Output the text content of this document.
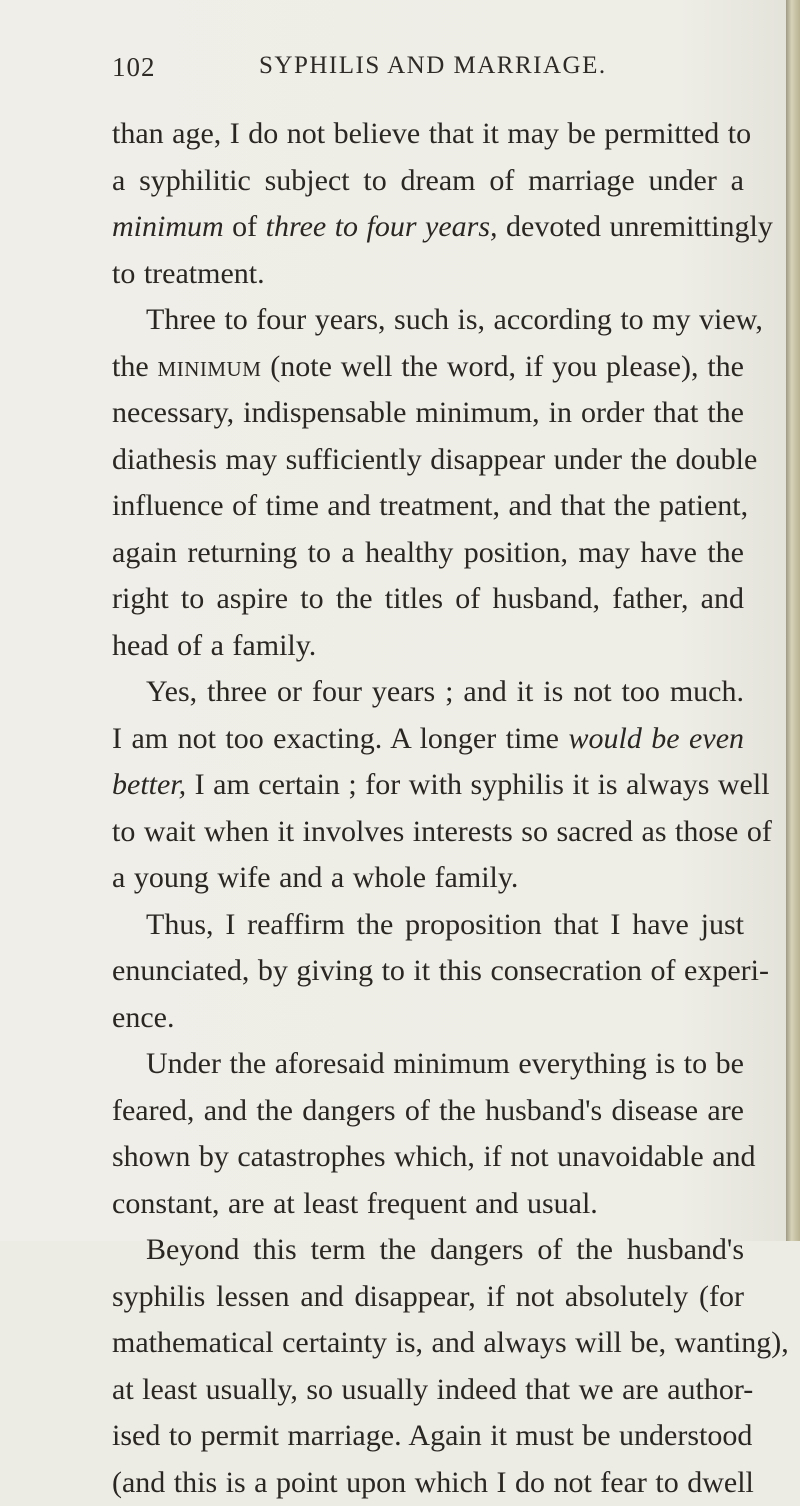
102	SYPHILIS AND MARRIAGE.
than age, I do not believe that it may be permitted to
a syphilitic subject to dream of marriage under a
minimum of three to four years, devoted unremittingly
to treatment.
Three to four years, such is, according to my view,
the minimum (note well the word, if you please), the
necessary, indispensable minimum, in order that the
diathesis may sufficiently disappear under the double
influence of time and treatment, and that the patient,
again returning to a healthy position, may have the
right to aspire to the titles of husband, father, and
head of a family.
Yes, three or four years ; and it is not too much.
I am not too exacting. A longer time would be even
better, I am certain ; for with syphilis it is always well
to wait when it involves interests so sacred as those of
a young wife and a whole family.
Thus, I reaffirm the proposition that I have just
enunciated, by giving to it this consecration of experi-
ence.
Under the aforesaid minimum everything is to be
feared, and the dangers of the husband's disease are
shown by catastrophes which, if not unavoidable and
constant, are at least frequent and usual.
Beyond this term the dangers of the husband's
syphilis lessen and disappear, if not absolutely (for
mathematical certainty is, and always will be, wanting),
at least usually, so usually indeed that we are author-
ised to permit marriage. Again it must be understood
(and this is a point upon which I do not fear to dwell
